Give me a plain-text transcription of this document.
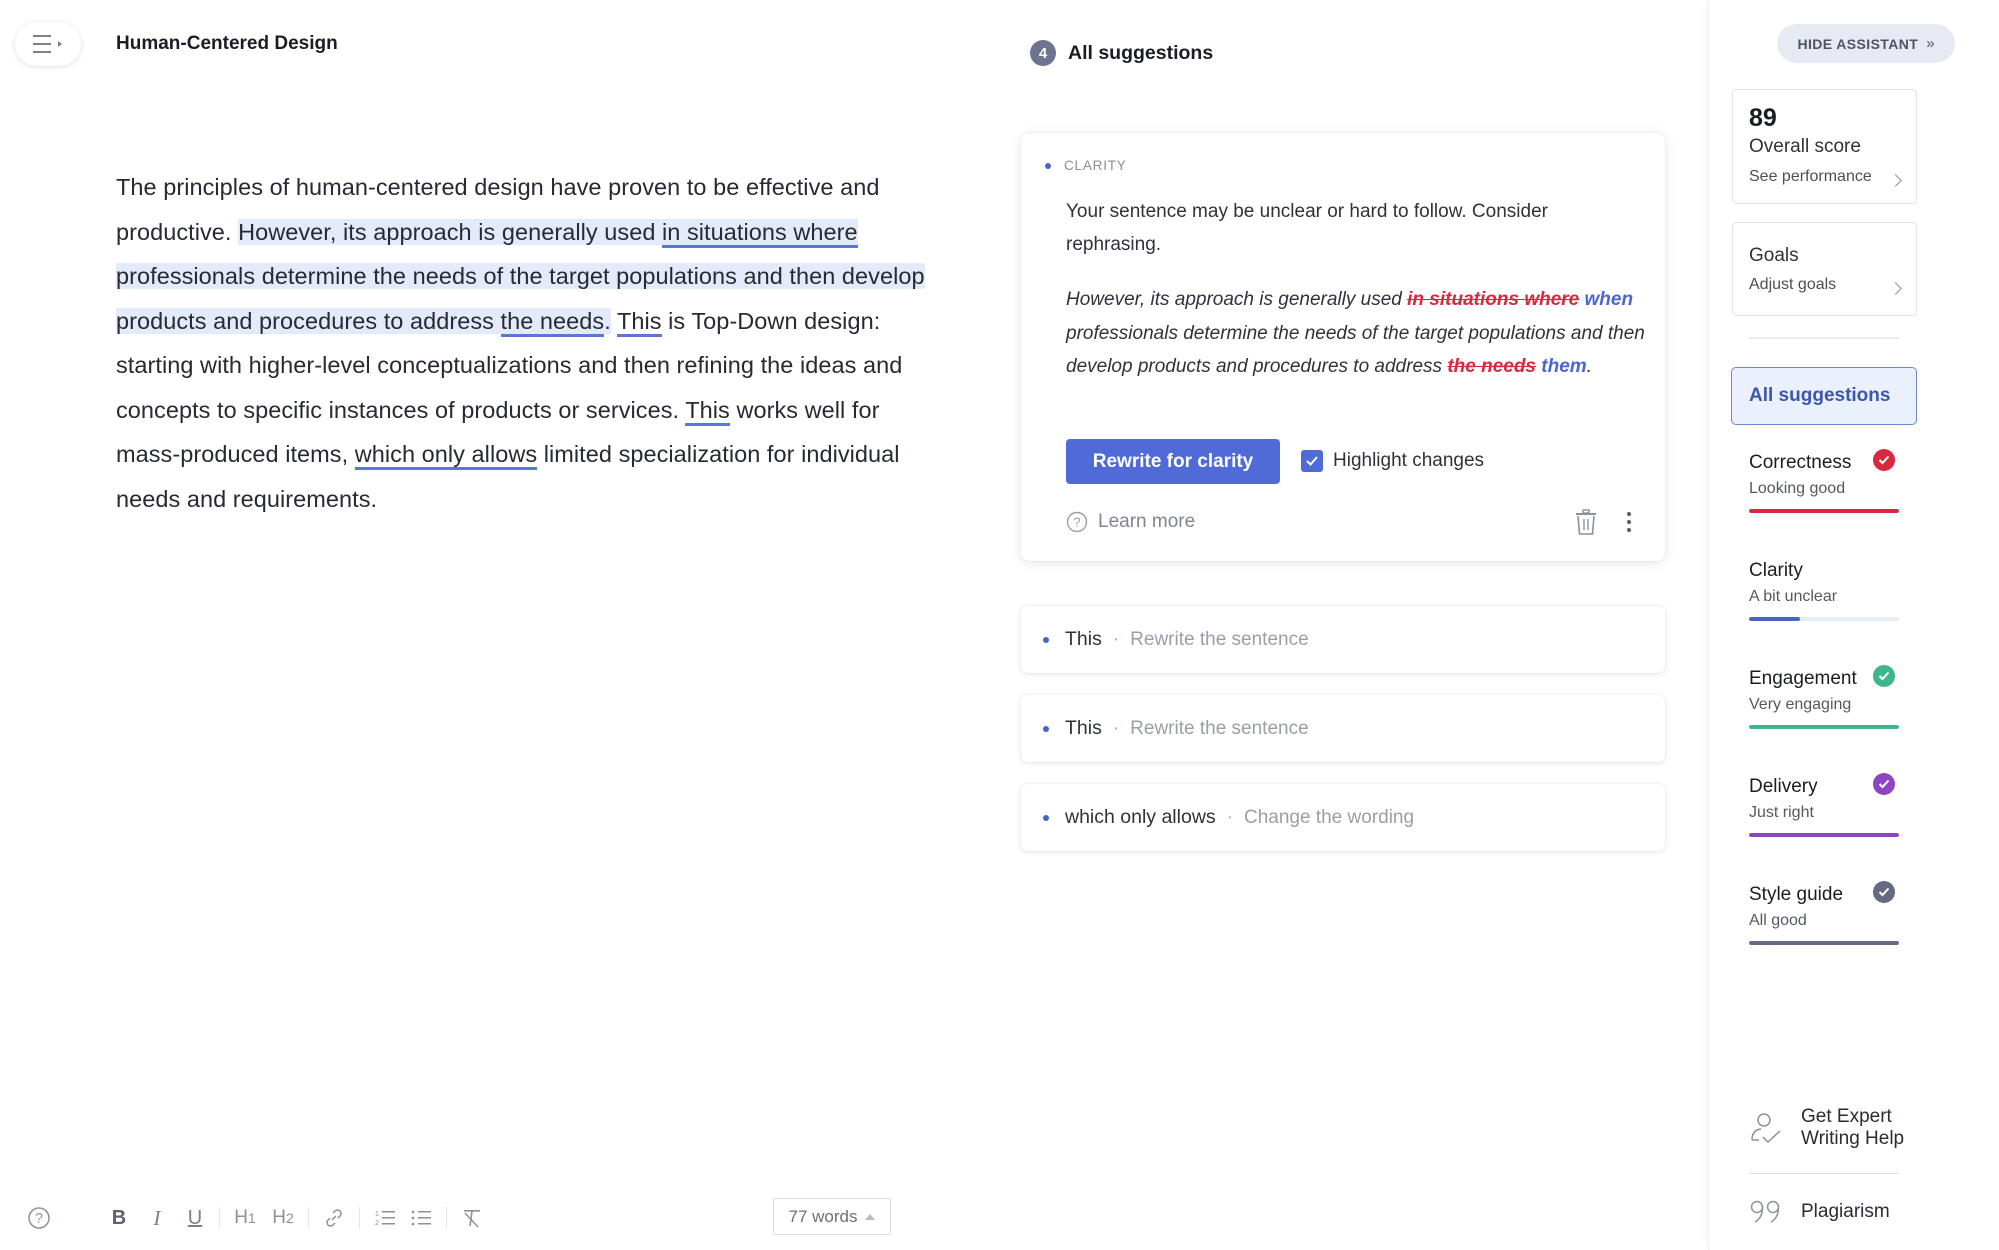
Human-Centered Design
The principles of human-centered design have proven to be effective and productive. However, its approach is generally used in situations where professionals determine the needs of the target populations and then develop products and procedures to address the needs. This is Top-Down design: starting with higher-level conceptualizations and then refining the ideas and concepts to specific instances of products or services. This works well for mass-produced items, which only allows limited specialization for individual needs and requirements.
4	All suggestions
CLARITY
Your sentence may be unclear or hard to follow. Consider rephrasing.
However, its approach is generally used in situations where when professionals determine the needs of the target populations and then develop products and procedures to address the needs them.
Rewrite for clarity	Highlight changes
? Learn more
This · Rewrite the sentence
This · Rewrite the sentence
which only allows · Change the wording
?	B I U H1 H2	1
2	77 words
HIDE ASSISTANT »
89
Overall score
See performance
Goals
Adjust goals
All suggestions
Correctness
Looking good
Clarity
A bit unclear
Engagement
Very engaging
Delivery
Just right
Style guide
All good
Get Expert
Writing Help
Plagiarism
